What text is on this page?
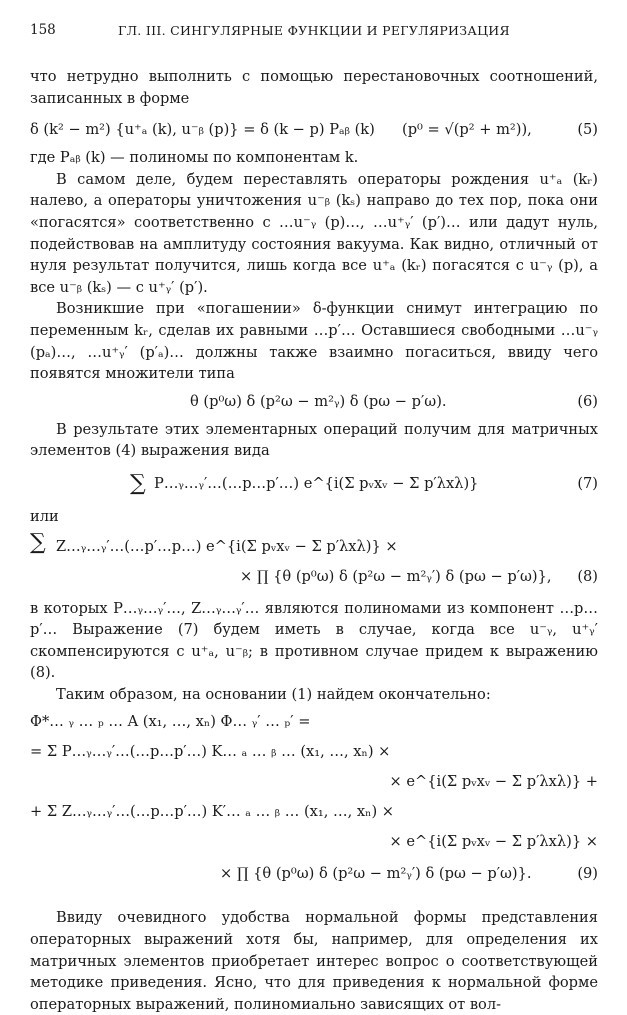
158	ГЛ. III. СИНГУЛЯРНЫЕ ФУНКЦИИ И РЕГУЛЯРИЗАЦИЯ

что нетрудно выполнить с помощью перестановочных соотношений, записанных в форме

δ (k² − m²) {u⁺ₐ (k), u⁻ᵦ (p)} = δ (k − p) Pₐᵦ (k) (p⁰ = √(p² + m²)),	(5)

где Pₐᵦ (k) — полиномы по компонентам k.

В самом деле, будем переставлять операторы рождения u⁺ₐ (kᵣ) налево, а операторы уничтожения u⁻ᵦ (kₛ) направо до тех пор, пока они «погасятся» соответственно с …u⁻ᵧ (p)…, …u⁺ᵧ′ (p′)… или дадут нуль, подействовав на амплитуду состояния вакуума. Как видно, отличный от нуля результат получится, лишь когда все u⁺ₐ (kᵣ) погасятся с u⁻ᵧ (p), а все u⁻ᵦ (kₛ) — с u⁺ᵧ′ (p′).

Возникшие при «погашении» δ-функции снимут интеграцию по переменным kᵣ, сделав их равными …p′… Оставшиеся свободными …u⁻ᵧ (pₐ)…, …u⁺ᵧ′ (p′ₐ)… должны также взаимно погаситься, ввиду чего появятся множители типа

θ (p⁰ω) δ (p²ω − m²ᵧ) δ (pω − p′ω).	(6)

В результате этих элементарных операций получим для матричных элементов (4) выражения вида

∑ P…ᵧ…ᵧ′…(…p…p′…) e^{i(Σ pᵥxᵥ − Σ p′λxλ)}	(7)

или

∑ Z…ᵧ…ᵧ′…(…p′…p…) e^{i(Σ pᵥxᵥ − Σ p′λxλ)} ×
× ∏ {θ (p⁰ω) δ (p²ω − m²ᵧ′) δ (pω − p′ω)}, (8)

в которых P…ᵧ…ᵧ′…, Z…ᵧ…ᵧ′… являются полиномами из компонент …p…p′… Выражение (7) будем иметь в случае, когда все u⁻ᵧ, u⁺ᵧ′ скомпенсируются с u⁺ₐ, u⁻ᵦ; в противном случае придем к выражению (8).

Таким образом, на основании (1) найдем окончательно:

Φ*… ᵧ … ₚ … A (x₁, …, xₙ) Φ… ᵧ′ … ₚ′ =
= Σ P…ᵧ…ᵧ′…(…p…p′…) K… ₐ … ᵦ … (x₁, …, xₙ) ×
× e^{i(Σ pᵥxᵥ − Σ p′λxλ)} +
+ Σ Z…ᵧ…ᵧ′…(…p…p′…) K′… ₐ … ᵦ … (x₁, …, xₙ) ×
× e^{i(Σ pᵥxᵥ − Σ p′λxλ)} ×
× ∏ {θ (p⁰ω) δ (p²ω − m²ᵧ′) δ (pω − p′ω)}.	(9)

Ввиду очевидного удобства нормальной формы представления операторных выражений хотя бы, например, для определения их матричных элементов приобретает интерес вопрос о соответствующей методике приведения. Ясно, что для приведения к нормальной форме операторных выражений, полиномиально зависящих от вол-
